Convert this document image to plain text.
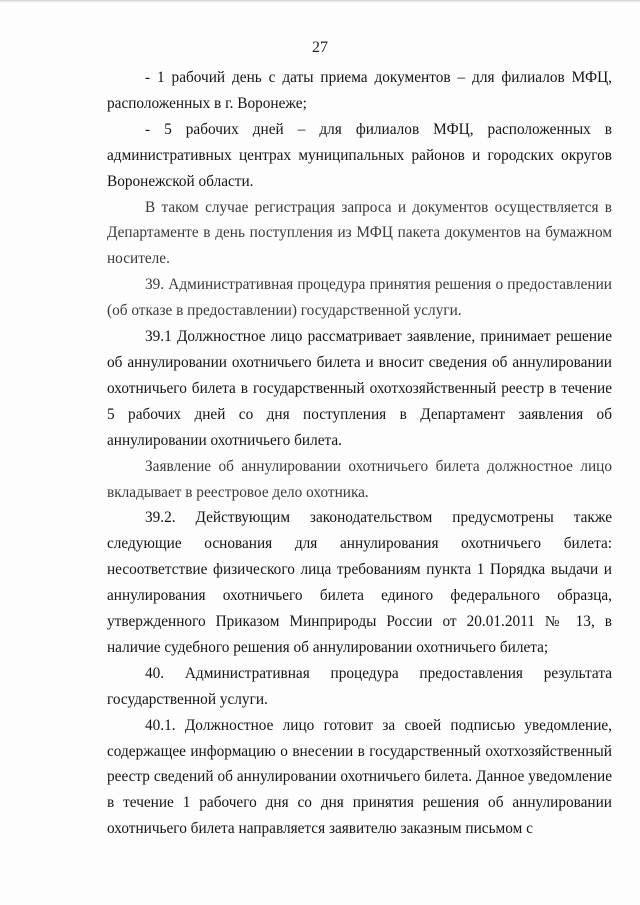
27

- 1 рабочий день с даты приема документов – для филиалов МФЦ, расположенных в г. Воронеже;

- 5 рабочих дней – для филиалов МФЦ, расположенных в административных центрах муниципальных районов и городских округов Воронежской области.

В таком случае регистрация запроса и документов осуществляется в Департаменте в день поступления из МФЦ пакета документов на бумажном носителе.

39. Административная процедура принятия решения о предоставлении (об отказе в предоставлении) государственной услуги.

39.1 Должностное лицо рассматривает заявление, принимает решение об аннулировании охотничьего билета и вносит сведения об аннулировании охотничьего билета в государственный охотхозяйственный реестр в течение 5 рабочих дней со дня поступления в Департамент заявления об аннулировании охотничьего билета.

Заявление об аннулировании охотничьего билета должностное лицо вкладывает в реестровое дело охотника.

39.2. Действующим законодательством предусмотрены также следующие основания для аннулирования охотничьего билета: несоответствие физического лица требованиям пункта 1 Порядка выдачи и аннулирования охотничьего билета единого федерального образца, утвержденного Приказом Минприроды России от 20.01.2011 № 13, в наличие судебного решения об аннулировании охотничьего билета;

40. Административная процедура предоставления результата государственной услуги.

40.1. Должностное лицо готовит за своей подписью уведомление, содержащее информацию о внесении в государственный охотхозяйственный реестр сведений об аннулировании охотничьего билета. Данное уведомление в течение 1 рабочего дня со дня принятия решения об аннулировании охотничьего билета направляется заявителю заказным письмом с
